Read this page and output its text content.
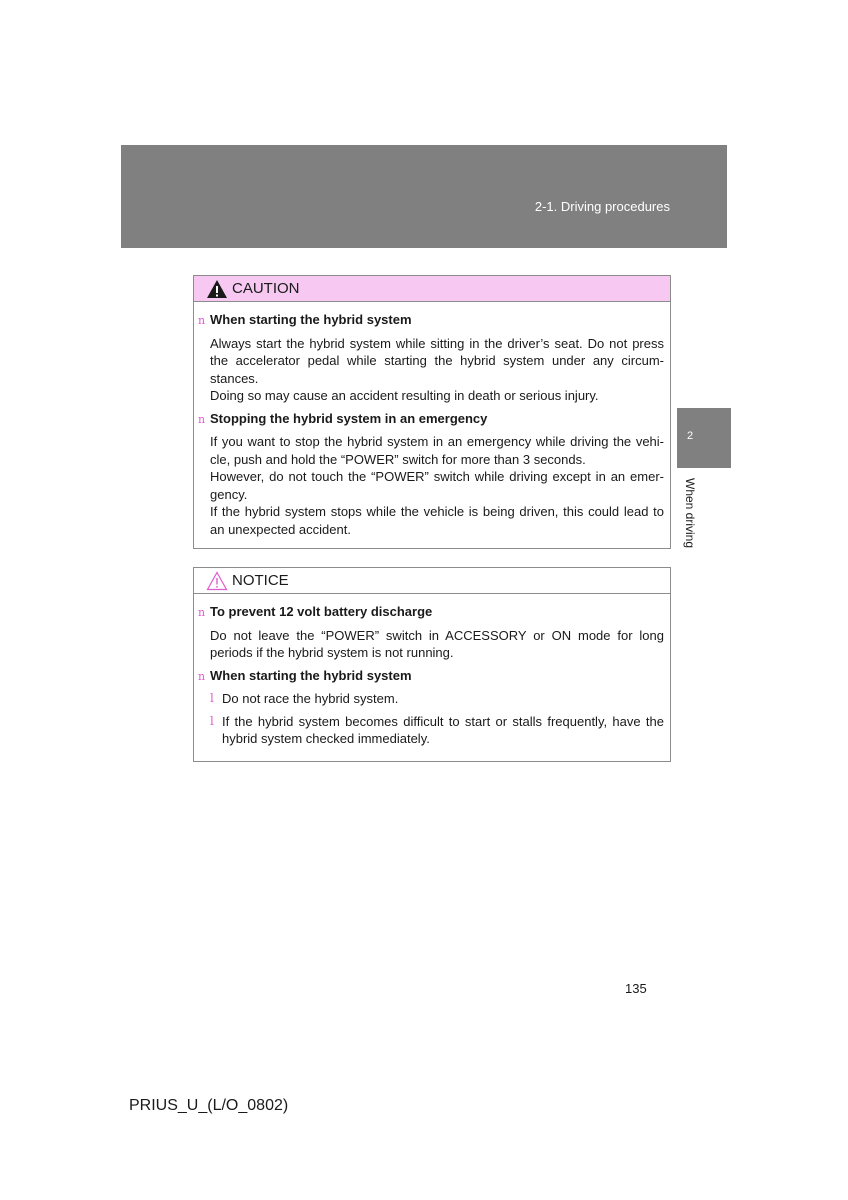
2-1. Driving procedures
2
When driving
CAUTION
n When starting the hybrid system

Always start the hybrid system while sitting in the driver’s seat. Do not press the accelerator pedal while starting the hybrid system under any circum-stances.

Doing so may cause an accident resulting in death or serious injury.

n Stopping the hybrid system in an emergency

If you want to stop the hybrid system in an emergency while driving the vehi-cle, push and hold the “POWER” switch for more than 3 seconds.

However, do not touch the “POWER” switch while driving except in an emer-gency.

If the hybrid system stops while the vehicle is being driven, this could lead to an unexpected accident.

NOTICE
n To prevent 12 volt battery discharge

Do not leave the “POWER” switch in ACCESSORY or ON mode for long periods if the hybrid system is not running.

n When starting the hybrid system
l Do not race the hybrid system.
l If the hybrid system becomes difficult to start or stalls frequently, have the hybrid system checked immediately.
135
PRIUS_U_(L/O_0802)
